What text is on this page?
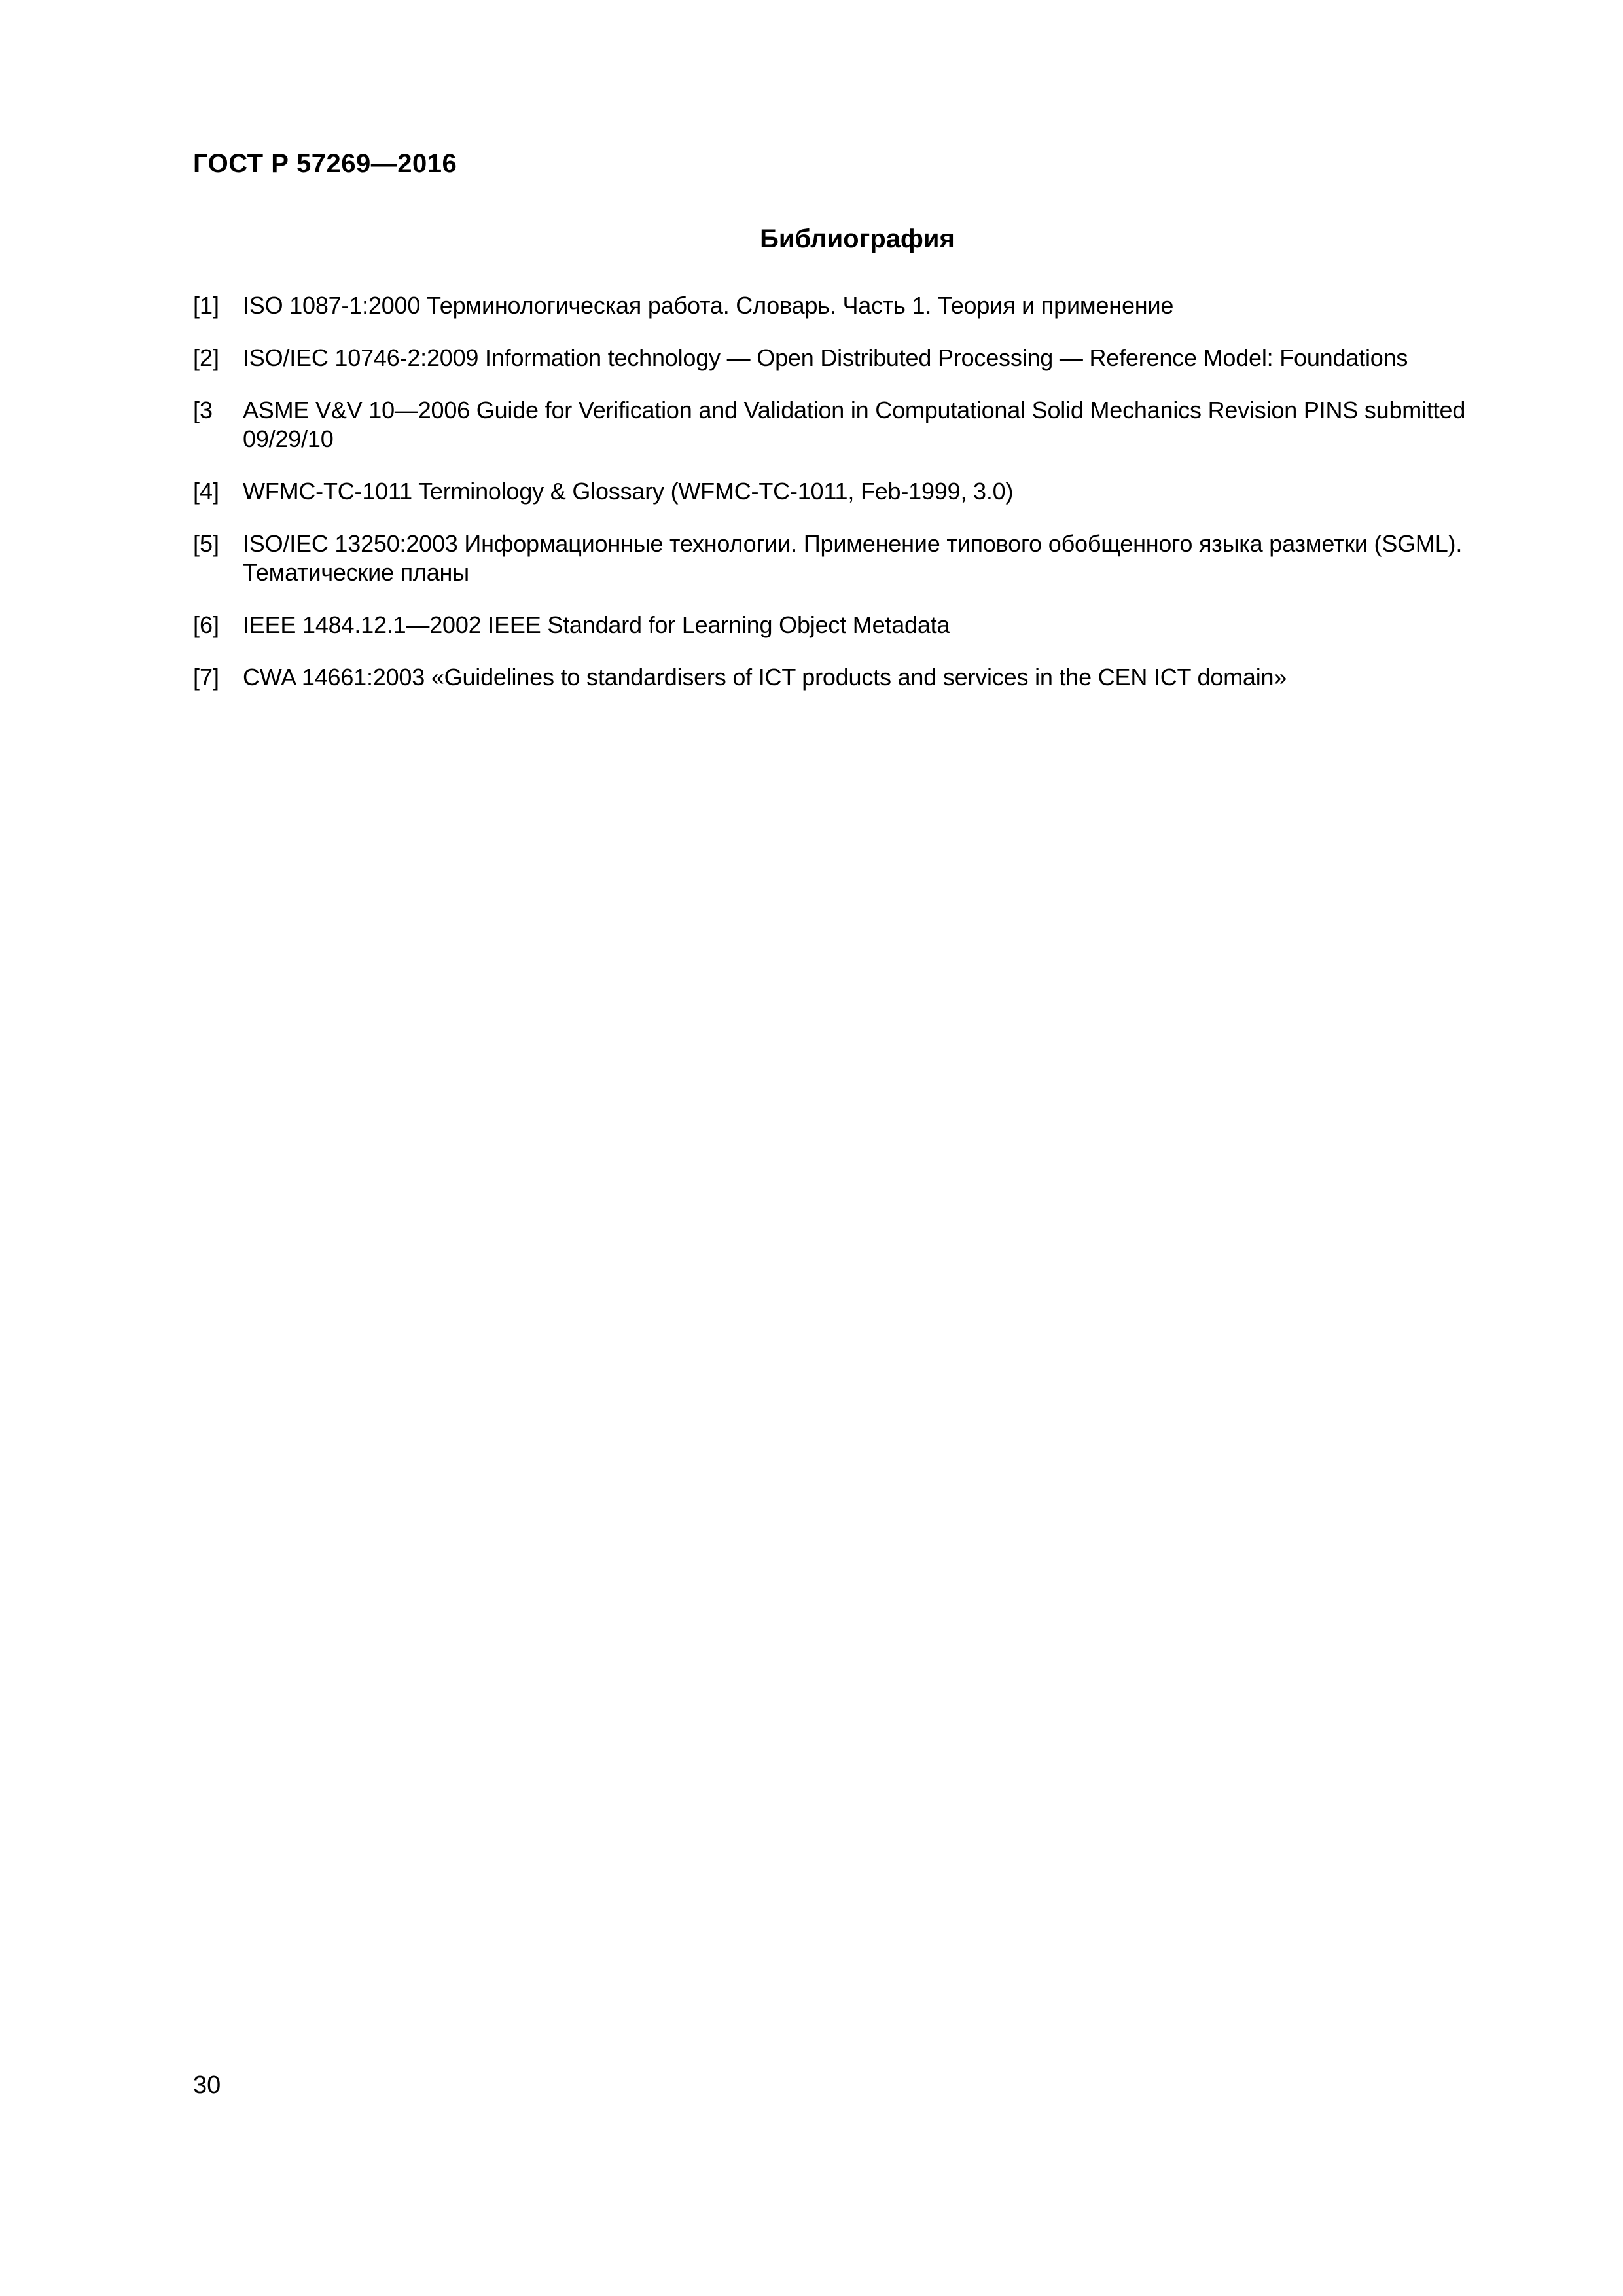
ГОСТ Р 57269—2016
Библиография
[1] ISO 1087-1:2000 Терминологическая работа. Словарь. Часть 1. Теория и применение
[2] ISO/IEC 10746-2:2009 Information technology — Open Distributed Processing — Reference Model: Foundations
[3	ASME V&V 10—2006 Guide for Verification and Validation in Computational Solid Mechanics Revision PINS submitted 09/29/10
[4] WFMC-TC-1011 Terminology & Glossary (WFMC-TC-1011, Feb-1999, 3.0)
[5] ISO/IEC 13250:2003 Информационные технологии. Применение типового обобщенного языка разметки (SGML). Тематические планы
[6] IEEE 1484.12.1—2002 IEEE Standard for Learning Object Metadata
[7] CWA 14661:2003 «Guidelines to standardisers of ICT products and services in the CEN ICT domain»
30
